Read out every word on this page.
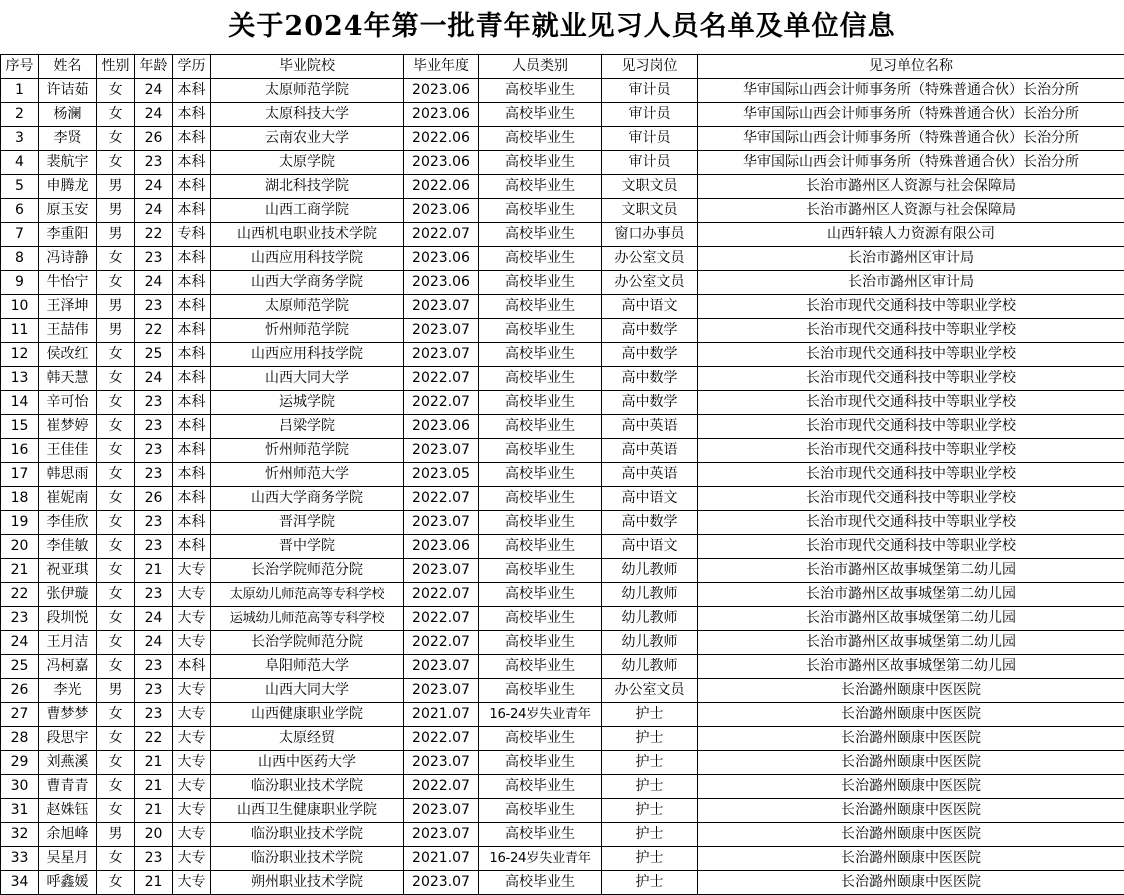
关于2024年第一批青年就业见习人员名单及单位信息
序号	姓名	性别	年龄	学历	毕业院校	毕业年度	人员类别	见习岗位	见习单位名称
1	许诘茹	女	24	本科	太原师范学院	2023.06	高校毕业生	审计员	华审国际山西会计师事务所（特殊普通合伙）长治分所
2	杨澜	女	24	本科	太原科技大学	2023.06	高校毕业生	审计员	华审国际山西会计师事务所（特殊普通合伙）长治分所
3	李贤	女	26	本科	云南农业大学	2022.06	高校毕业生	审计员	华审国际山西会计师事务所（特殊普通合伙）长治分所
4	裴航宇	女	23	本科	太原学院	2023.06	高校毕业生	审计员	华审国际山西会计师事务所（特殊普通合伙）长治分所
5	申腾龙	男	24	本科	湖北科技学院	2022.06	高校毕业生	文职文员	长治市潞州区人资源与社会保障局
6	原玉安	男	24	本科	山西工商学院	2023.06	高校毕业生	文职文员	长治市潞州区人资源与社会保障局
7	李重阳	男	22	专科	山西机电职业技术学院	2022.07	高校毕业生	窗口办事员	山西轩辕人力资源有限公司
8	冯诗静	女	23	本科	山西应用科技学院	2023.06	高校毕业生	办公室文员	长治市潞州区审计局
9	牛怡宁	女	24	本科	山西大学商务学院	2023.06	高校毕业生	办公室文员	长治市潞州区审计局
10	王泽坤	男	23	本科	太原师范学院	2023.07	高校毕业生	高中语文	长治市现代交通科技中等职业学校
11	王喆伟	男	22	本科	忻州师范学院	2023.07	高校毕业生	高中数学	长治市现代交通科技中等职业学校
12	侯改红	女	25	本科	山西应用科技学院	2023.07	高校毕业生	高中数学	长治市现代交通科技中等职业学校
13	韩天慧	女	24	本科	山西大同大学	2022.07	高校毕业生	高中数学	长治市现代交通科技中等职业学校
14	辛可怡	女	23	本科	运城学院	2022.07	高校毕业生	高中数学	长治市现代交通科技中等职业学校
15	崔梦婷	女	23	本科	吕梁学院	2023.06	高校毕业生	高中英语	长治市现代交通科技中等职业学校
16	王佳佳	女	23	本科	忻州师范学院	2023.07	高校毕业生	高中英语	长治市现代交通科技中等职业学校
17	韩思雨	女	23	本科	忻州师范大学	2023.05	高校毕业生	高中英语	长治市现代交通科技中等职业学校
18	崔妮南	女	26	本科	山西大学商务学院	2022.07	高校毕业生	高中语文	长治市现代交通科技中等职业学校
19	李佳欣	女	23	本科	晋洱学院	2023.07	高校毕业生	高中数学	长治市现代交通科技中等职业学校
20	李佳敏	女	23	本科	晋中学院	2023.06	高校毕业生	高中语文	长治市现代交通科技中等职业学校
21	祝亚琪	女	21	大专	长治学院师范分院	2023.07	高校毕业生	幼儿教师	长治市潞州区故事城堡第二幼儿园
22	张伊璇	女	23	大专	太原幼儿师范高等专科学校	2022.07	高校毕业生	幼儿教师	长治市潞州区故事城堡第二幼儿园
23	段圳悦	女	24	大专	运城幼儿师范高等专科学校	2022.07	高校毕业生	幼儿教师	长治市潞州区故事城堡第二幼儿园
24	王月洁	女	24	大专	长治学院师范分院	2022.07	高校毕业生	幼儿教师	长治市潞州区故事城堡第二幼儿园
25	冯柯嘉	女	23	本科	阜阳师范大学	2023.07	高校毕业生	幼儿教师	长治市潞州区故事城堡第二幼儿园
26	李光	男	23	大专	山西大同大学	2023.07	高校毕业生	办公室文员	长治潞州颐康中医医院
27	曹梦梦	女	23	大专	山西健康职业学院	2021.07	16-24岁失业青年	护士	长治潞州颐康中医医院
28	段思宇	女	22	大专	太原经贸	2022.07	高校毕业生	护士	长治潞州颐康中医医院
29	刘燕溪	女	21	大专	山西中医药大学	2023.07	高校毕业生	护士	长治潞州颐康中医医院
30	曹青青	女	21	大专	临汾职业技术学院	2022.07	高校毕业生	护士	长治潞州颐康中医医院
31	赵姝钰	女	21	大专	山西卫生健康职业学院	2023.07	高校毕业生	护士	长治潞州颐康中医医院
32	余旭峰	男	20	大专	临汾职业技术学院	2023.07	高校毕业生	护士	长治潞州颐康中医医院
33	吴星月	女	23	大专	临汾职业技术学院	2021.07	16-24岁失业青年	护士	长治潞州颐康中医医院
34	呼鑫媛	女	21	大专	朔州职业技术学院	2023.07	高校毕业生	护士	长治潞州颐康中医医院
